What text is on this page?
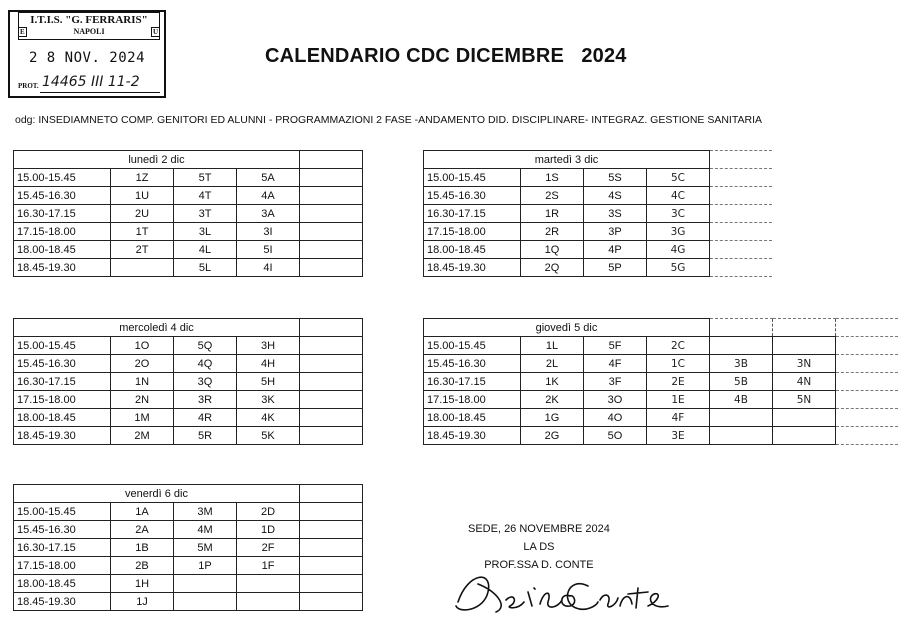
I.T.I.S. "G. FERRARIS"
NAPOLI
E	U
2 8 NOV. 2024
PROT. 14465 III 11-2
CALENDARIO CDC DICEMBRE   2024
odg: INSEDIAMNETO COMP. GENITORI ED ALUNNI - PROGRAMMAZIONI 2 FASE -ANDAMENTO DID. DISCIPLINARE- INTEGRAZ. GESTIONE SANITARIA
lunedì 2 dic				
15.00-15.45	1Z	5T	5A	
15.45-16.30	1U	4T	4A	
16.30-17.15	2U	3T	3A	
17.15-18.00	1T	3L	3I	
18.00-18.45	2T	4L	5I	
18.45-19.30		5L	4I	
martedì 3 dic				
15.00-15.45	1S	5S	5C	
15.45-16.30	2S	4S	4C	
16.30-17.15	1R	3S	3C	
17.15-18.00	2R	3P	3G	
18.00-18.45	1Q	4P	4G	
18.45-19.30	2Q	5P	5G	
mercoledì 4 dic				
15.00-15.45	1O	5Q	3H	
15.45-16.30	2O	4Q	4H	
16.30-17.15	1N	3Q	5H	
17.15-18.00	2N	3R	3K	
18.00-18.45	1M	4R	4K	
18.45-19.30	2M	5R	5K	
giovedì 5 dic						
15.00-15.45	1L	5F	2C			
15.45-16.30	2L	4F	1C	3B	3N	
16.30-17.15	1K	3F	2E	5B	4N	
17.15-18.00	2K	3O	1E	4B	5N	
18.00-18.45	1G	4O	4F			
18.45-19.30	2G	5O	3E			
venerdì 6 dic				
15.00-15.45	1A	3M	2D	
15.45-16.30	2A	4M	1D	
16.30-17.15	1B	5M	2F	
17.15-18.00	2B	1P	1F	
18.00-18.45	1H			
18.45-19.30	1J			
SEDE, 26 NOVEMBRE 2024
LA DS
PROF.SSA D. CONTE
